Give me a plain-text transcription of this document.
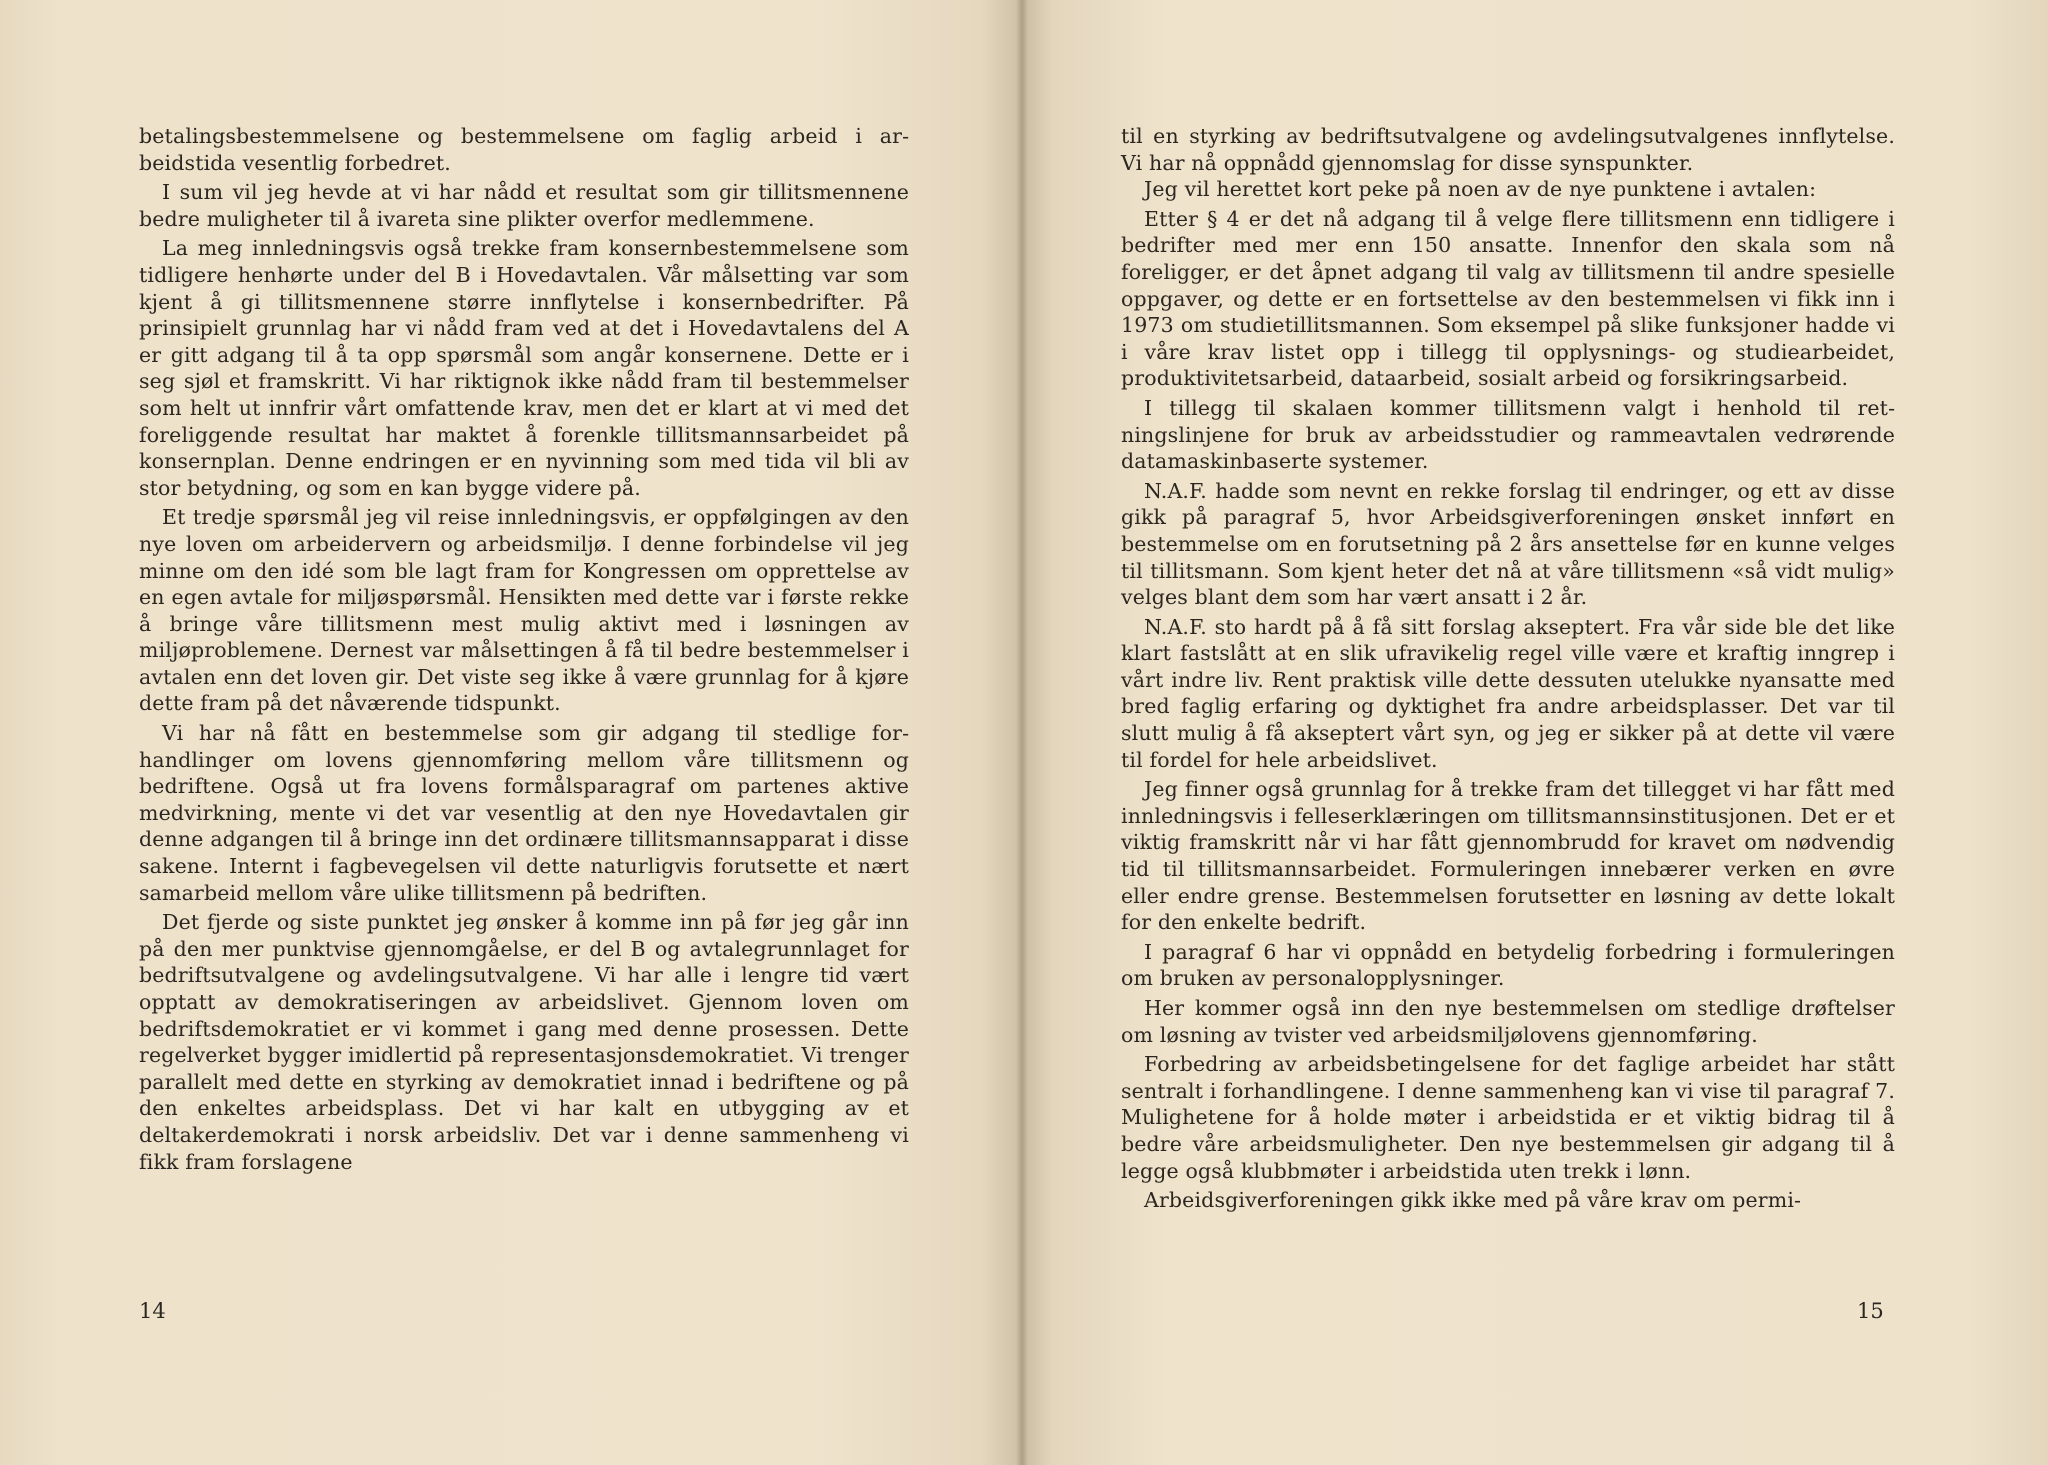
betalingsbestemmelsene og bestemmelsene om faglig arbeid i arbeidstida vesentlig forbedret.

I sum vil jeg hevde at vi har nådd et resultat som gir tillitsmennene bedre muligheter til å ivareta sine plikter overfor medlemmene.

La meg innledningsvis også trekke fram konsernbestemmelsene som tidligere henhørte under del B i Hovedavtalen. Vår målsetting var som kjent å gi tillitsmennene større innflytelse i konsernbedrifter. På prinsipielt grunnlag har vi nådd fram ved at det i Hovedavtalens del A er gitt adgang til å ta opp spørsmål som angår konsernene. Dette er i seg sjøl et framskritt. Vi har riktignok ikke nådd fram til bestemmelser som helt ut innfrir vårt omfattende krav, men det er klart at vi med det foreliggende resultat har maktet å forenkle tillitsmannsarbeidet på konsernplan. Denne endringen er en nyvinning som med tida vil bli av stor betydning, og som en kan bygge videre på.

Et tredje spørsmål jeg vil reise innledningsvis, er oppfølgingen av den nye loven om arbeidervern og arbeidsmiljø. I denne forbindelse vil jeg minne om den idé som ble lagt fram for Kongressen om opprettelse av en egen avtale for miljøspørsmål. Hensikten med dette var i første rekke å bringe våre tillitsmenn mest mulig aktivt med i løsningen av miljøproblemene. Dernest var målsettingen å få til bedre bestemmelser i avtalen enn det loven gir. Det viste seg ikke å være grunnlag for å kjøre dette fram på det nåværende tidspunkt.

Vi har nå fått en bestemmelse som gir adgang til stedlige forhandlinger om lovens gjennomføring mellom våre tillitsmenn og bedriftene. Også ut fra lovens formålsparagraf om partenes aktive medvirkning, mente vi det var vesentlig at den nye Hovedavtalen gir denne adgangen til å bringe inn det ordinære tillitsmannsapparat i disse sakene. Internt i fagbevegelsen vil dette naturligvis forutsette et nært samarbeid mellom våre ulike tillitsmenn på bedriften.

Det fjerde og siste punktet jeg ønsker å komme inn på før jeg går inn på den mer punktvise gjennomgåelse, er del B og avtalegrunnlaget for bedriftsutvalgene og avdelingsutvalgene. Vi har alle i lengre tid vært opptatt av demokratiseringen av arbeidslivet. Gjennom loven om bedriftsdemokratiet er vi kommet i gang med denne prosessen. Dette regelverket bygger imidlertid på representasjonsdemokratiet. Vi trenger parallelt med dette en styrking av demokratiet innad i bedriftene og på den enkeltes arbeidsplass. Det vi har kalt en utbygging av et deltakerdemokrati i norsk arbeidsliv. Det var i denne sammenheng vi fikk fram forslagene

14

til en styrking av bedriftsutvalgene og avdelingsutvalgenes innflytelse. Vi har nå oppnådd gjennomslag for disse synspunkter.

Jeg vil herettet kort peke på noen av de nye punktene i avtalen:

Etter § 4 er det nå adgang til å velge flere tillitsmenn enn tidligere i bedrifter med mer enn 150 ansatte. Innenfor den skala som nå foreligger, er det åpnet adgang til valg av tillitsmenn til andre spesielle oppgaver, og dette er en fortsettelse av den bestemmelsen vi fikk inn i 1973 om studietillitsmannen. Som eksempel på slike funksjoner hadde vi i våre krav listet opp i tillegg til opplysnings- og studiearbeidet, produktivitetsarbeid, dataarbeid, sosialt arbeid og forsikringsarbeid.

I tillegg til skalaen kommer tillitsmenn valgt i henhold til retningslinjene for bruk av arbeidsstudier og rammeavtalen vedrørende datamaskinbaserte systemer.

N.A.F. hadde som nevnt en rekke forslag til endringer, og ett av disse gikk på paragraf 5, hvor Arbeidsgiverforeningen ønsket innført en bestemmelse om en forutsetning på 2 års ansettelse før en kunne velges til tillitsmann. Som kjent heter det nå at våre tillitsmenn «så vidt mulig» velges blant dem som har vært ansatt i 2 år.

N.A.F. sto hardt på å få sitt forslag akseptert. Fra vår side ble det like klart fastslått at en slik ufravikelig regel ville være et kraftig inngrep i vårt indre liv. Rent praktisk ville dette dessuten utelukke nyansatte med bred faglig erfaring og dyktighet fra andre arbeidsplasser. Det var til slutt mulig å få akseptert vårt syn, og jeg er sikker på at dette vil være til fordel for hele arbeidslivet.

Jeg finner også grunnlag for å trekke fram det tillegget vi har fått med innledningsvis i felleserklæringen om tillitsmannsinstitusjonen. Det er et viktig framskritt når vi har fått gjennombrudd for kravet om nødvendig tid til tillitsmannsarbeidet. Formuleringen innebærer verken en øvre eller endre grense. Bestemmelsen forutsetter en løsning av dette lokalt for den enkelte bedrift.

I paragraf 6 har vi oppnådd en betydelig forbedring i formuleringen om bruken av personalopplysninger.

Her kommer også inn den nye bestemmelsen om stedlige drøftelser om løsning av tvister ved arbeidsmiljølovens gjennomføring.

Forbedring av arbeidsbetingelsene for det faglige arbeidet har stått sentralt i forhandlingene. I denne sammenheng kan vi vise til paragraf 7. Mulighetene for å holde møter i arbeidstida er et viktig bidrag til å bedre våre arbeidsmuligheter. Den nye bestemmelsen gir adgang til å legge også klubbmøter i arbeidstida uten trekk i lønn.

Arbeidsgiverforeningen gikk ikke med på våre krav om permi-

15
